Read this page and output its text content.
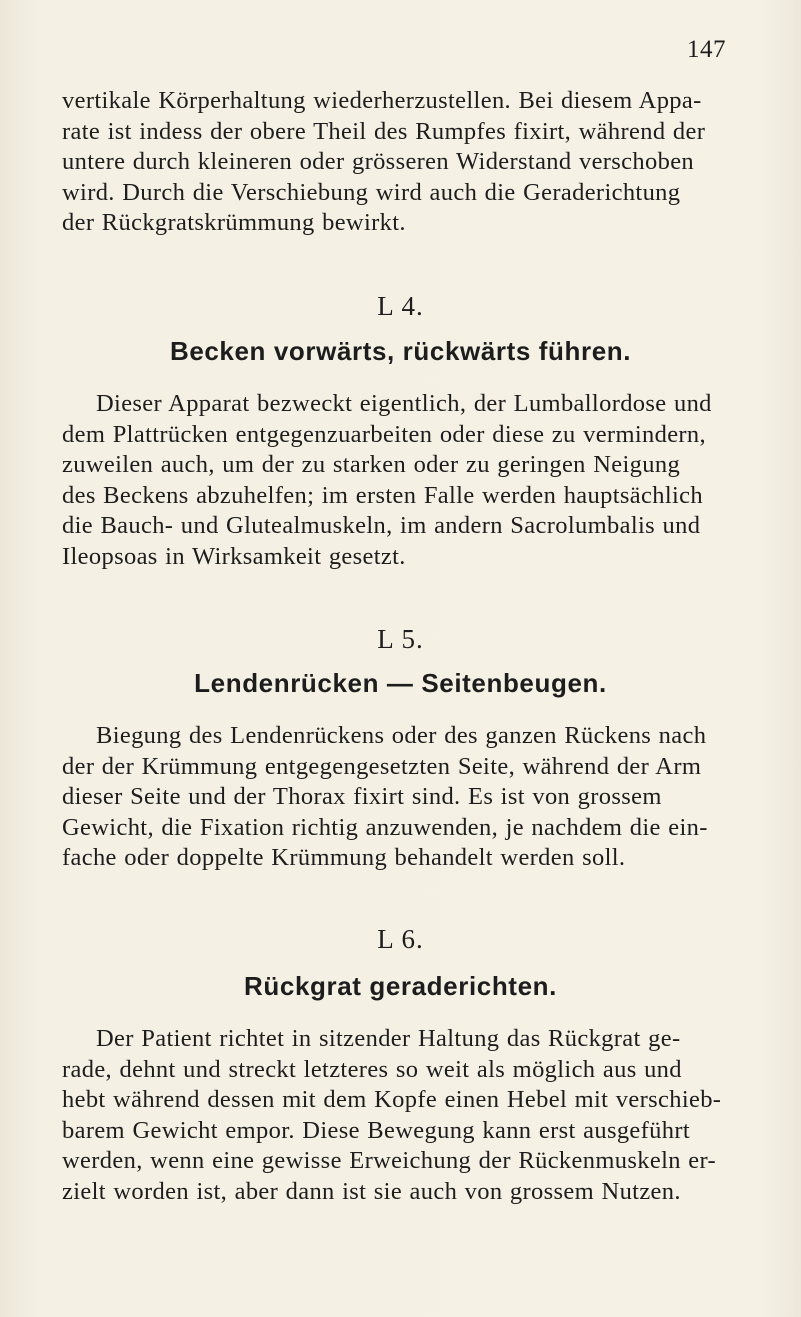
147

vertikale Körperhaltung wiederherzustellen. Bei diesem Appa-

rate ist indess der obere Theil des Rumpfes fixirt, während der

untere durch kleineren oder grösseren Widerstand verschoben

wird. Durch die Verschiebung wird auch die Geraderichtung

der Rückgratskrümmung bewirkt.

L 4.
Becken vorwärts, rückwärts führen.

Dieser Apparat bezweckt eigentlich, der Lumballordose und

dem Plattrücken entgegenzuarbeiten oder diese zu vermindern,

zuweilen auch, um der zu starken oder zu geringen Neigung

des Beckens abzuhelfen; im ersten Falle werden hauptsächlich

die Bauch- und Glutealmuskeln, im andern Sacrolumbalis und

Ileopsoas in Wirksamkeit gesetzt.

L 5.
Lendenrücken — Seitenbeugen.

Biegung des Lendenrückens oder des ganzen Rückens nach

der der Krümmung entgegengesetzten Seite, während der Arm

dieser Seite und der Thorax fixirt sind. Es ist von grossem

Gewicht, die Fixation richtig anzuwenden, je nachdem die ein-

fache oder doppelte Krümmung behandelt werden soll.

L 6.
Rückgrat geraderichten.

Der Patient richtet in sitzender Haltung das Rückgrat ge-

rade, dehnt und streckt letzteres so weit als möglich aus und

hebt während dessen mit dem Kopfe einen Hebel mit verschieb-

barem Gewicht empor. Diese Bewegung kann erst ausgeführt

werden, wenn eine gewisse Erweichung der Rückenmuskeln er-

zielt worden ist, aber dann ist sie auch von grossem Nutzen.
